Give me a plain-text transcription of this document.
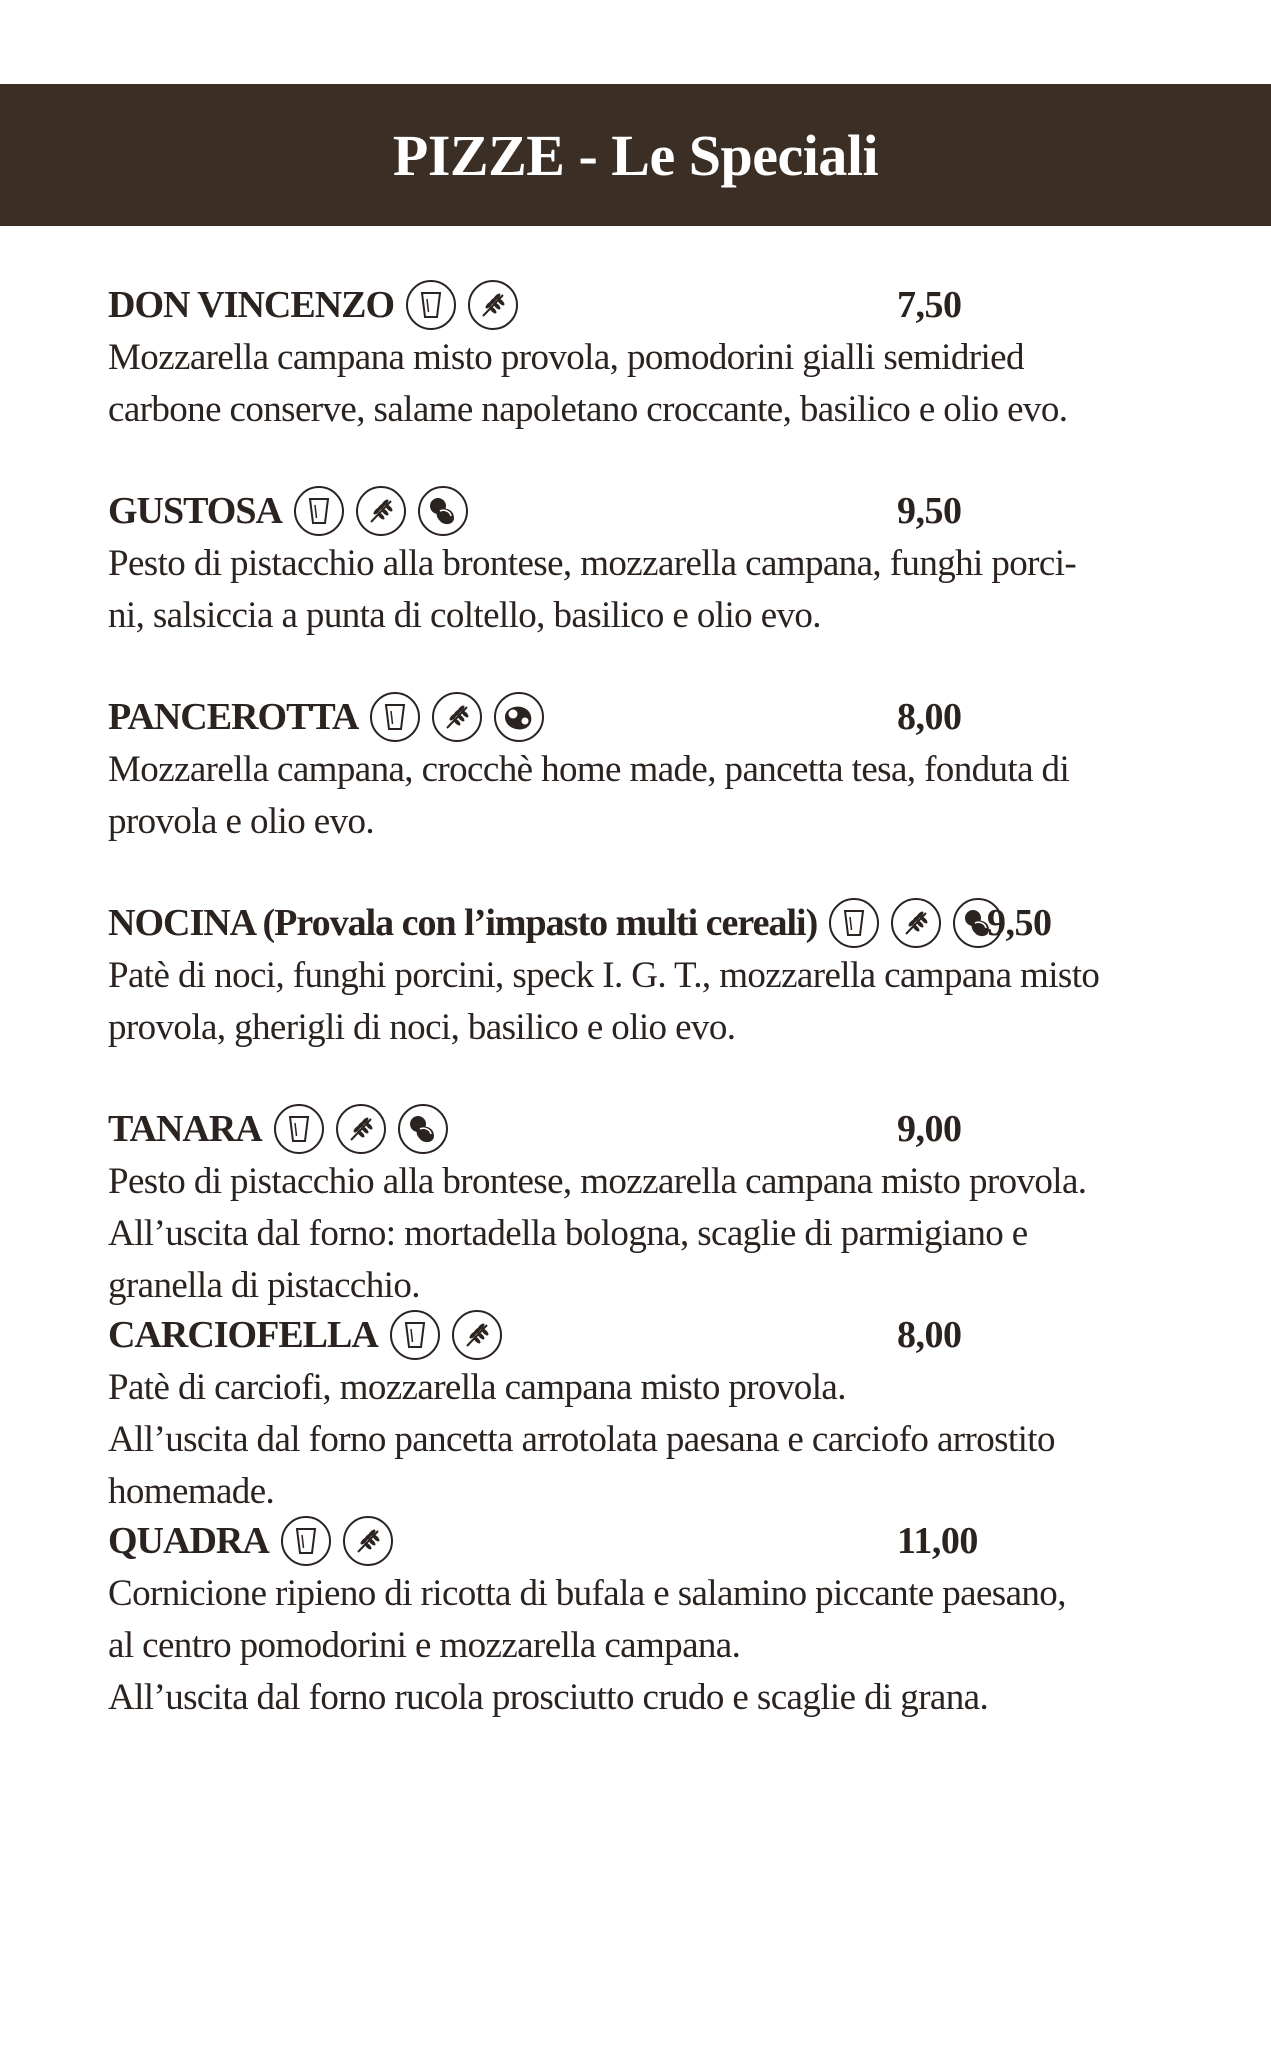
PIZZE - Le Speciali
DON VINCENZO	7,50

Mozzarella campana misto provola, pomodorini gialli semidried

carbone conserve, salame napoletano croccante, basilico e olio evo.

GUSTOSA	9,50

Pesto di pistacchio alla brontese, mozzarella campana, funghi porci-

ni, salsiccia a punta di coltello, basilico e olio evo.

PANCEROTTA	8,00

Mozzarella campana, crocchè home made, pancetta tesa, fonduta di

provola e olio evo.

NOCINA (Provala con l’impasto multi cereali)	9,50

Patè di noci, funghi porcini, speck I. G. T., mozzarella campana misto

provola, gherigli di noci, basilico e olio evo.

TANARA	9,00

Pesto di pistacchio alla brontese, mozzarella campana misto provola.

All’uscita dal forno: mortadella bologna, scaglie di parmigiano e

granella di pistacchio.

CARCIOFELLA	8,00

Patè di carciofi, mozzarella campana misto provola.

All’uscita dal forno pancetta arrotolata paesana e carciofo arrostito

homemade.

QUADRA	11,00

Cornicione ripieno di ricotta di bufala e salamino piccante paesano,

al centro pomodorini e mozzarella campana.

All’uscita dal forno rucola prosciutto crudo e scaglie di grana.
